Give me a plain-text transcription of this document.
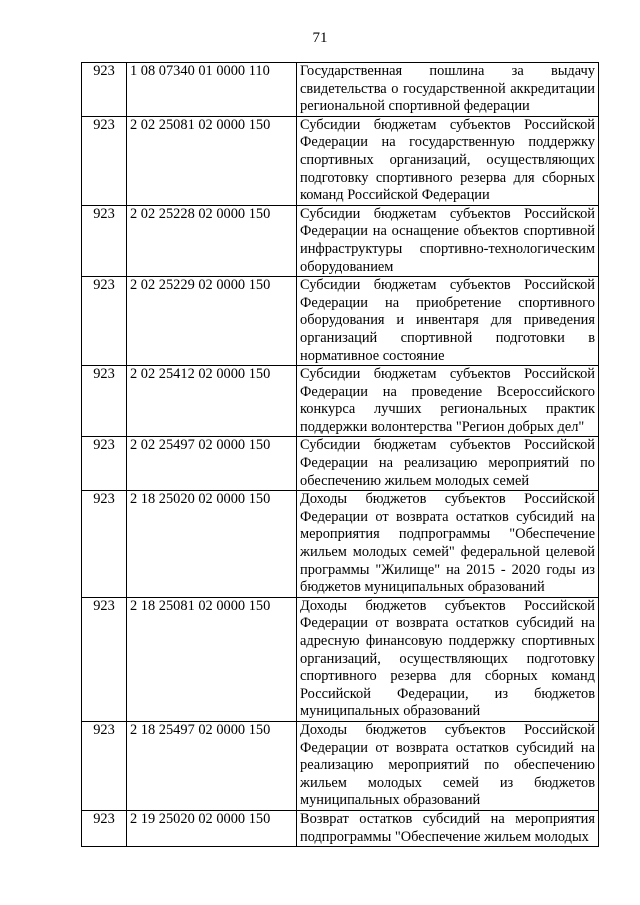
71
923	1 08 07340 01 0000 110	Государственная пошлина за выдачу свидетельства о государственной аккредитации региональной спортивной федерации
923	2 02 25081 02 0000 150	Субсидии бюджетам субъектов Российской Федерации на государственную поддержку спортивных организаций, осуществляющих подготовку спортивного резерва для сборных команд Российской Федерации
923	2 02 25228 02 0000 150	Субсидии бюджетам субъектов Российской Федерации на оснащение объектов спортивной инфраструктуры спортивно-технологическим оборудованием
923	2 02 25229 02 0000 150	Субсидии бюджетам субъектов Российской Федерации на приобретение спортивного оборудования и инвентаря для приведения организаций спортивной подготовки в нормативное состояние
923	2 02 25412 02 0000 150	Субсидии бюджетам субъектов Российской Федерации на проведение Всероссийского конкурса лучших региональных практик поддержки волонтерства "Регион добрых дел"
923	2 02 25497 02 0000 150	Субсидии бюджетам субъектов Российской Федерации на реализацию мероприятий по обеспечению жильем молодых семей
923	2 18 25020 02 0000 150	Доходы бюджетов субъектов Российской Федерации от возврата остатков субсидий на мероприятия подпрограммы "Обеспечение жильем молодых семей" федеральной целевой программы "Жилище" на 2015 - 2020 годы из бюджетов муниципальных образований
923	2 18 25081 02 0000 150	Доходы бюджетов субъектов Российской Федерации от возврата остатков субсидий на адресную финансовую поддержку спортивных организаций, осуществляющих подготовку спортивного резерва для сборных команд Российской Федерации, из бюджетов муниципальных образований
923	2 18 25497 02 0000 150	Доходы бюджетов субъектов Российской Федерации от возврата остатков субсидий на реализацию мероприятий по обеспечению жильем молодых семей из бюджетов муниципальных образований
923	2 19 25020 02 0000 150	Возврат остатков субсидий на мероприятия подпрограммы "Обеспечение жильем молодых
